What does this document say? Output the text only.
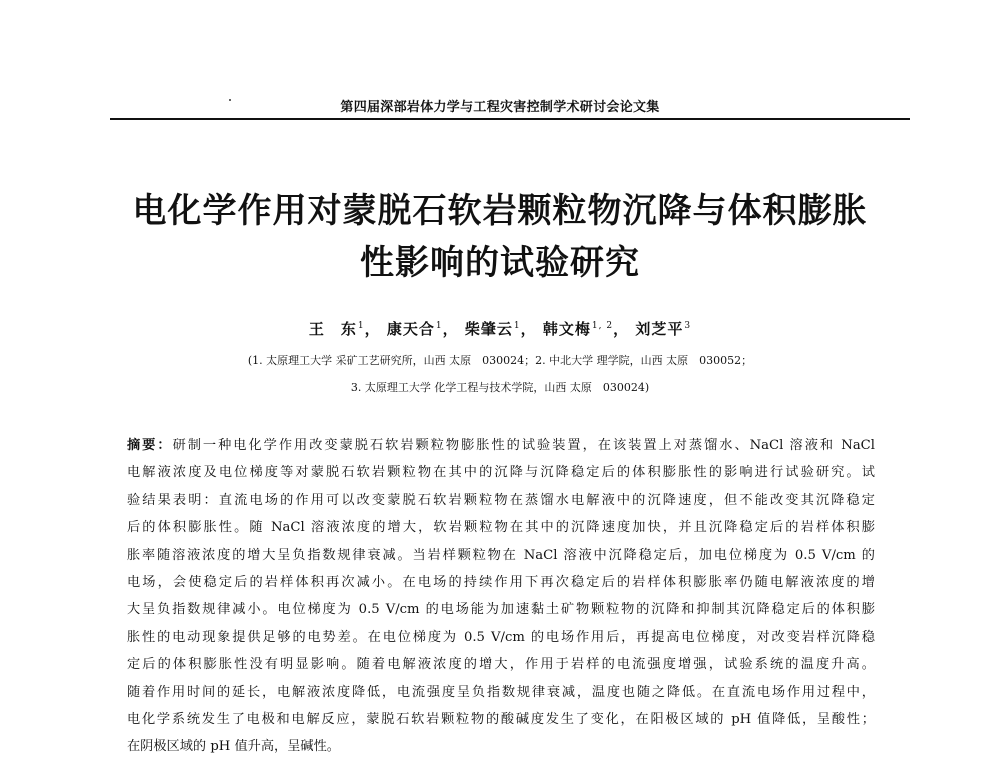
第四届深部岩体力学与工程灾害控制学术研讨会论文集
电化学作用对蒙脱石软岩颗粒物沉降与体积膨胀
性影响的试验研究
王　东$^1$， 康天合$^1$， 柴肇云$^1$， 韩文梅$^{1, 2}$， 刘芝平$^3$
(1. 太原理工大学 采矿工艺研究所，山西 太原　030024；2. 中北大学 理学院，山西 太原　030052；
3. 太原理工大学 化学工程与技术学院，山西 太原　030024)
摘要：研制一种电化学作用改变蒙脱石软岩颗粒物膨胀性的试验装置，在该装置上对蒸馏水、NaCl 溶液和 NaCl
电解液浓度及电位梯度等对蒙脱石软岩颗粒物在其中的沉降与沉降稳定后的体积膨胀性的影响进行试验研究。试
验结果表明：直流电场的作用可以改变蒙脱石软岩颗粒物在蒸馏水电解液中的沉降速度，但不能改变其沉降稳定
后的体积膨胀性。随 NaCl 溶液浓度的增大，软岩颗粒物在其中的沉降速度加快，并且沉降稳定后的岩样体积膨
胀率随溶液浓度的增大呈负指数规律衰减。当岩样颗粒物在 NaCl 溶液中沉降稳定后，加电位梯度为 0.5 V/cm 的
电场，会使稳定后的岩样体积再次减小。在电场的持续作用下再次稳定后的岩样体积膨胀率仍随电解液浓度的增
大呈负指数规律减小。电位梯度为 0.5 V/cm 的电场能为加速黏土矿物颗粒物的沉降和抑制其沉降稳定后的体积膨
胀性的电动现象提供足够的电势差。在电位梯度为 0.5 V/cm 的电场作用后，再提高电位梯度，对改变岩样沉降稳
定后的体积膨胀性没有明显影响。随着电解液浓度的增大，作用于岩样的电流强度增强，试验系统的温度升高。
随着作用时间的延长，电解液浓度降低，电流强度呈负指数规律衰减，温度也随之降低。在直流电场作用过程中，
电化学系统发生了电极和电解反应，蒙脱石软岩颗粒物的酸碱度发生了变化，在阳极区域的 pH 值降低，呈酸性；
在阴极区域的 pH 值升高，呈碱性。
